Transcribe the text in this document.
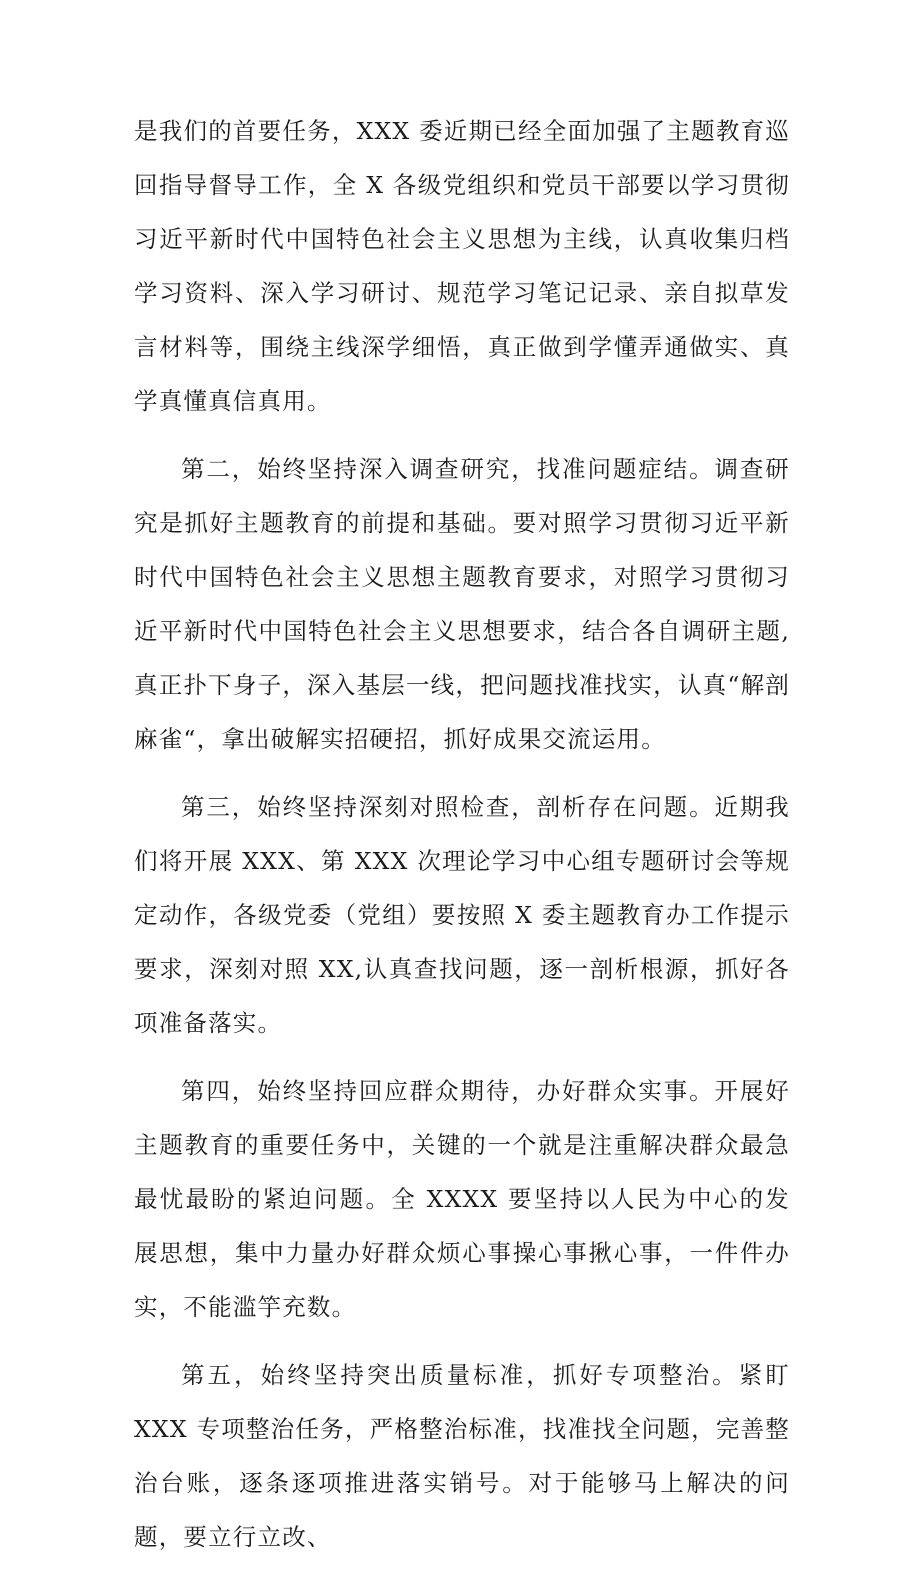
是我们的首要任务，XXX 委近期已经全面加强了主题教育巡回指导督导工作，全 X 各级党组织和党员干部要以学习贯彻习近平新时代中国特色社会主义思想为主线，认真收集归档学习资料、深入学习研讨、规范学习笔记记录、亲自拟草发言材料等，围绕主线深学细悟，真正做到学懂弄通做实、真学真懂真信真用。

第二，始终坚持深入调查研究，找准问题症结。调查研究是抓好主题教育的前提和基础。要对照学习贯彻习近平新时代中国特色社会主义思想主题教育要求，对照学习贯彻习近平新时代中国特色社会主义思想要求，结合各自调研主题,真正扑下身子，深入基层一线，把问题找准找实，认真“解剖麻雀“，拿出破解实招硬招，抓好成果交流运用。

第三，始终坚持深刻对照检查，剖析存在问题。近期我们将开展 XXX、第 XXX 次理论学习中心组专题研讨会等规定动作，各级党委（党组）要按照 X 委主题教育办工作提示要求，深刻对照 XX,认真查找问题，逐一剖析根源，抓好各项准备落实。

第四，始终坚持回应群众期待，办好群众实事。开展好主题教育的重要任务中，关键的一个就是注重解决群众最急最忧最盼的紧迫问题。全 XXXX 要坚持以人民为中心的发展思想，集中力量办好群众烦心事操心事揪心事，一件件办实，不能滥竽充数。

第五，始终坚持突出质量标准，抓好专项整治。紧盯 XXX 专项整治任务，严格整治标准，找准找全问题，完善整治台账，逐条逐项推进落实销号。对于能够马上解决的问题，要立行立改、
